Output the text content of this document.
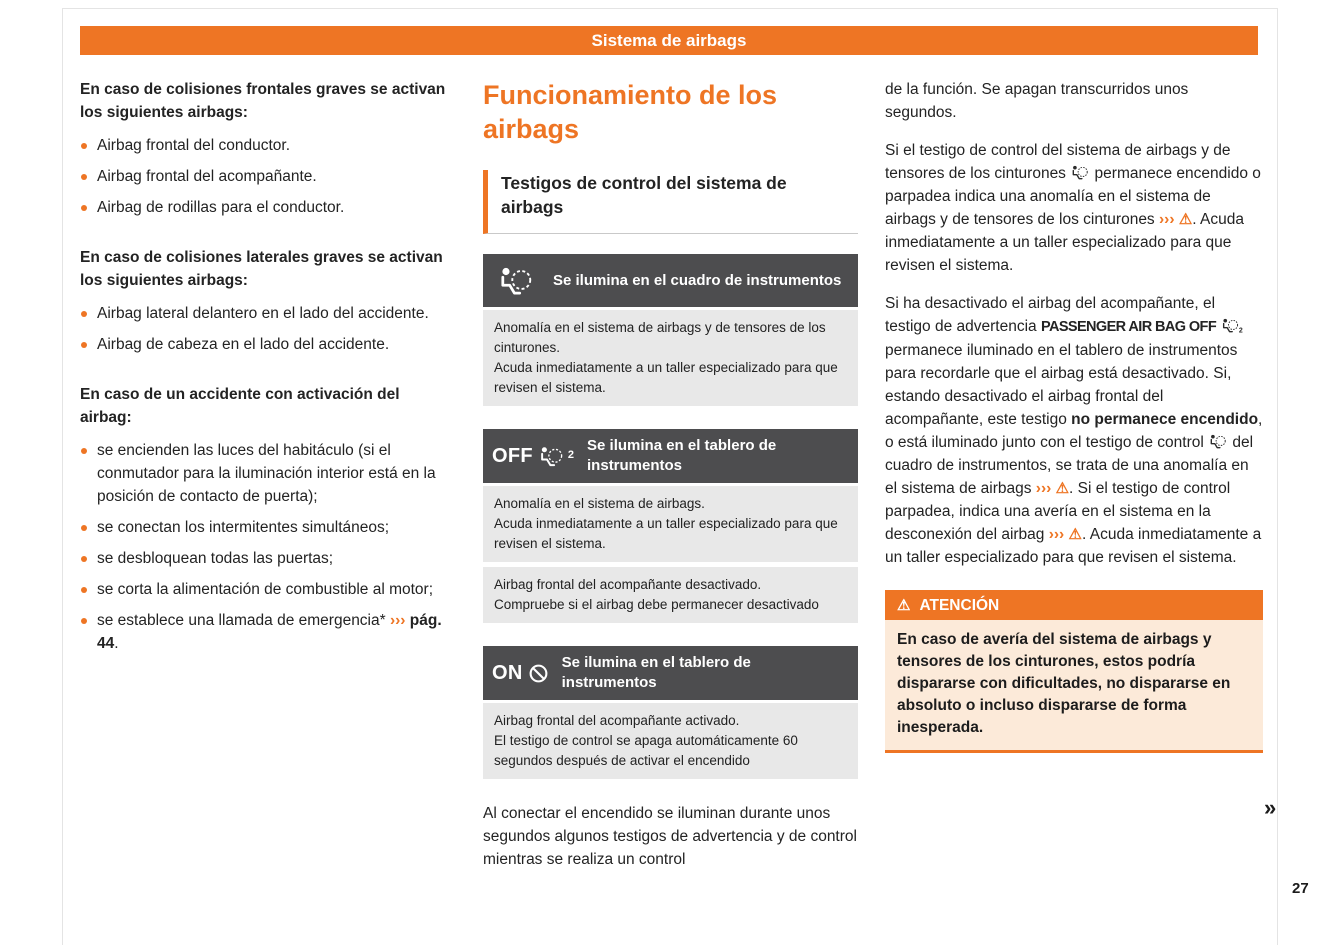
Sistema de airbags

En caso de colisiones frontales graves se activan los siguientes airbags:

Airbag frontal del conductor.
Airbag frontal del acompañante.
Airbag de rodillas para el conductor.

En caso de colisiones laterales graves se activan los siguientes airbags:

Airbag lateral delantero en el lado del accidente.
Airbag de cabeza en el lado del accidente.

En caso de un accidente con activación del airbag:

se encienden las luces del habitáculo (si el conmutador para la iluminación interior está en la posición de contacto de puerta);
se conectan los intermitentes simultáneos;
se desbloquean todas las puertas;
se corta la alimentación de combustible al motor;
se establece una llamada de emergencia* ››› pág. 44.
Funcionamiento de los airbags
Testigos de control del sistema de airbags
Se ilumina en el cuadro de instrumentos
Anomalía en el sistema de airbags y de tensores de los cinturones.
Acuda inmediatamente a un taller especializado para que revisen el sistema.
OFF	2
Se ilumina en el tablero de instrumentos
Anomalía en el sistema de airbags.
Acuda inmediatamente a un taller especializado para que revisen el sistema.
Airbag frontal del acompañante desactivado.
Compruebe si el airbag debe permanecer desactivado
ON	Se ilumina en el tablero de instrumentos
Airbag frontal del acompañante activado.
El testigo de control se apaga automáticamente 60 segundos después de activar el encendido

Al conectar el encendido se iluminan durante unos segundos algunos testigos de advertencia y de control mientras se realiza un control

de la función. Se apagan transcurridos unos segundos.

Si el testigo de control del sistema de airbags y de tensores de los cinturones  permanece encendido o parpadea indica una anomalía en el sistema de airbags y de tensores de los cinturones ››› ⚠. Acuda inmediatamente a un taller especializado para que revisen el sistema.

Si ha desactivado el airbag del acompañante, el testigo de advertencia PASSENGER AIR BAG OFF 2
permanece iluminado en el tablero de instrumentos para recordarle que el airbag está desactivado. Si, estando desactivado el airbag frontal del acompañante, este testigo no permanece encendido, o está iluminado junto con el testigo de control  del cuadro de instrumentos, se trata de una anomalía en el sistema de airbags ››› ⚠. Si el testigo de control parpadea, indica una avería en el sistema en la desconexión del airbag ››› ⚠. Acuda inmediatamente a un taller especializado para que revisen el sistema.

⚠ ATENCIÓN
En caso de avería del sistema de airbags y tensores de los cinturones, estos podría dispararse con dificultades, no dispararse en absoluto o incluso dispararse de forma inesperada.
»
27
